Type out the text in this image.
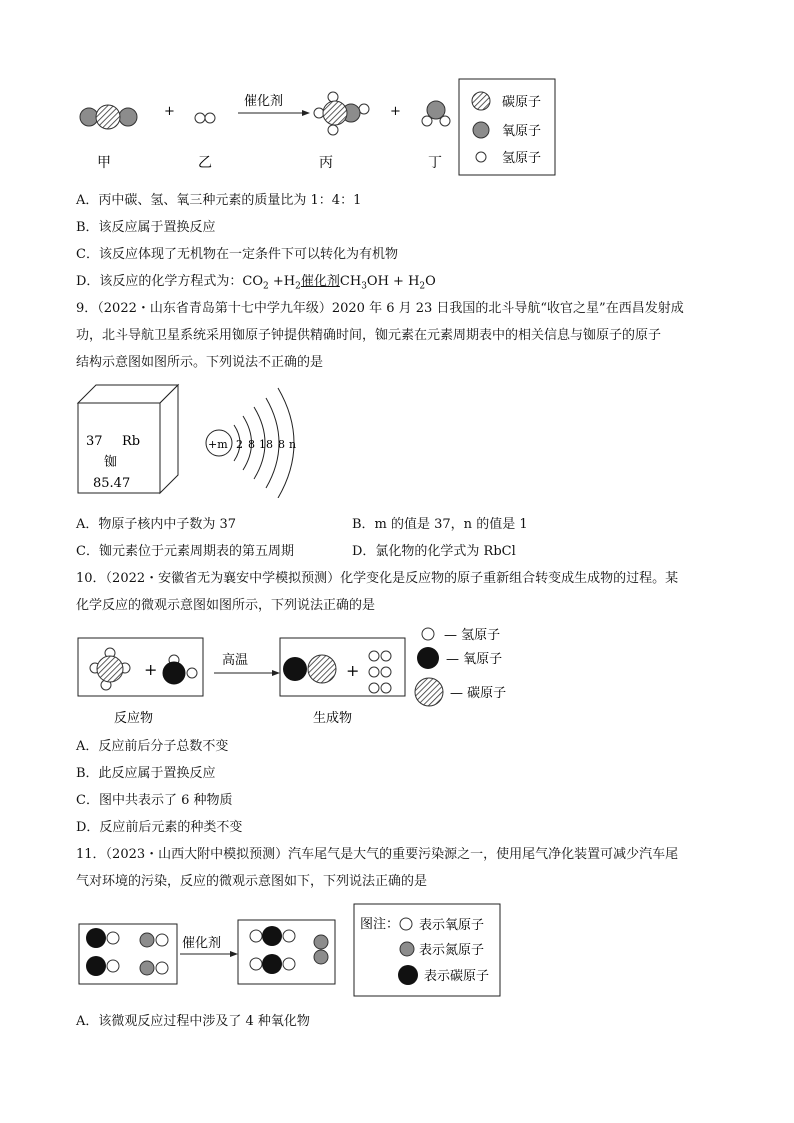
+
催化剂
+
甲	乙	丙	丁
碳原子
氧原子
氢原子
A．丙中碳、氢、氧三种元素的质量比为 1：4：1
B．该反应属于置换反应
C．该反应体现了无机物在一定条件下可以转化为有机物
D．该反应的化学方程式为：$CO_2 +H_2$催化剂$CH_3OH + H_2O$
9．（2022・山东省青岛第十七中学九年级）2020 年 6 月 23 日我国的北斗导航“收官之星”在西昌发射成
功，北斗导航卫星系统采用铷原子钟提供精确时间，铷元素在元素周期表中的相关信息与铷原子的原子
结构示意图如图所示。下列说法不正确的是
37 Rb
铷
85.47
+m 2 8 18 8 n
A．物原子核内中子数为 37	B．m 的值是 37，n 的值是 1
C．铷元素位于元素周期表的第五周期	D．氯化物的化学式为 RbCl
10．（2022・安徽省无为襄安中学模拟预测）化学变化是反应物的原子重新组合转变成生成物的过程。某
化学反应的微观示意图如图所示，下列说法正确的是
+	高温
+
— 氢原子
— 氧原子
— 碳原子
反应物	生成物
A．反应前后分子总数不变
B．此反应属于置换反应
C．图中共表示了 6 种物质
D．反应前后元素的种类不变
11．（2023・山西大附中模拟预测）汽车尾气是大气的重要污染源之一，使用尾气净化装置可减少汽车尾
气对环境的污染，反应的微观示意图如下，下列说法正确的是
催化剂
图注： 表示氧原子
表示氮原子
表示碳原子
A．该微观反应过程中涉及了 4 种氧化物
